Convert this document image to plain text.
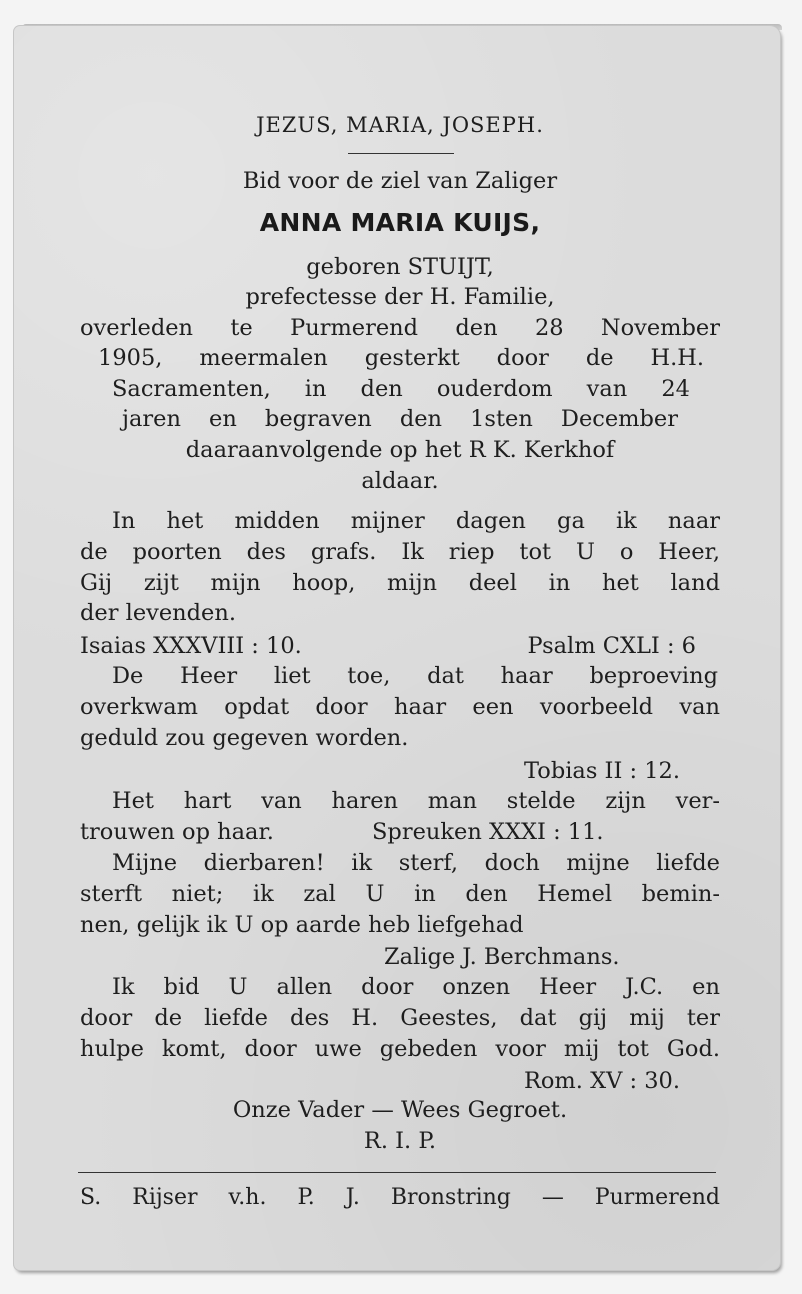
JEZUS, MARIA, JOSEPH.
Bid voor de ziel van Zaliger
ANNA MARIA KUIJS,
geboren STUIJT,
prefectesse der H. Familie,
overleden te Purmerend den 28 November
1905, meermalen gesterkt door de H.H.
Sacramenten, in den ouderdom van 24
jaren en begraven den 1sten December
daaraanvolgende op het R K. Kerkhof
aldaar.
In het midden mijner dagen ga ik naar
de poorten des grafs. Ik riep tot U o Heer,
Gij zijt mijn hoop, mijn deel in het land
der levenden.
Isaias XXXVIII : 10.	Psalm CXLI : 6
De Heer liet toe, dat haar beproeving
overkwam opdat door haar een voorbeeld van
geduld zou gegeven worden.
Tobias II : 12.
Het hart van haren man stelde zijn ver-
trouwen op haar.	Spreuken XXXI : 11.
Mijne dierbaren! ik sterf, doch mijne liefde
sterft niet; ik zal U in den Hemel bemin-
nen, gelijk ik U op aarde heb liefgehad
Zalige J. Berchmans.
Ik bid U allen door onzen Heer J.C. en
door de liefde des H. Geestes, dat gij mij ter
hulpe komt, door uwe gebeden voor mij tot God.
Rom. XV : 30.
Onze Vader — Wees Gegroet.
R. I. P.
S. Rijser v.h. P. J. Bronstring — Purmerend
